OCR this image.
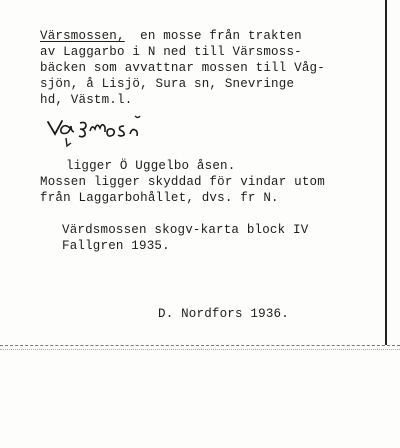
Värsmossen,  en mosse från trakten
av Laggarbo i N ned till Värsmoss-
bäcken som avvattnar mossen till Våg-
sjön, å Lisjö, Sura sn, Snevringe
hd, Västm.l.
vä̜ʃmosn
ligger Ö Uggelbo åsen.
Mossen ligger skyddad för vindar utom
från Laggarbohållet, dvs. fr N.
Värdsmossen skogv-karta block IV
Fallgren 1935.
D. Nordfors 1936.
